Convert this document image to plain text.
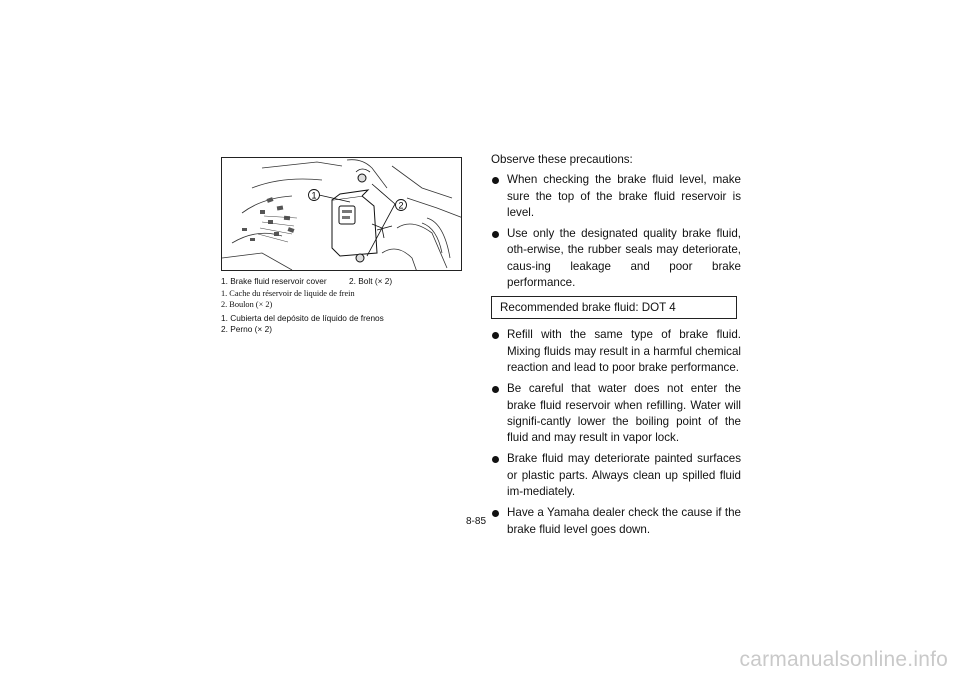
1
2
1. Brake fluid reservoir cover	2. Bolt (× 2)
1. Cache du réservoir de liquide de frein
2. Boulon (× 2)
1. Cubierta del depósito de líquido de frenos
2. Perno (× 2)

Observe these precautions:

When checking the brake fluid level, make sure the top of the brake fluid reservoir is level.
Use only the designated quality brake fluid, oth-erwise, the rubber seals may deteriorate, caus-ing leakage and poor brake performance.
Recommended brake fluid: DOT 4
Refill with the same type of brake fluid. Mixing fluids may result in a harmful chemical reaction and lead to poor brake performance.
Be careful that water does not enter the brake fluid reservoir when refilling. Water will signifi-cantly lower the boiling point of the fluid and may result in vapor lock.
Brake fluid may deteriorate painted surfaces or plastic parts. Always clean up spilled fluid im-mediately.
Have a Yamaha dealer check the cause if the brake fluid level goes down.
8-85
carmanualsonline.info
